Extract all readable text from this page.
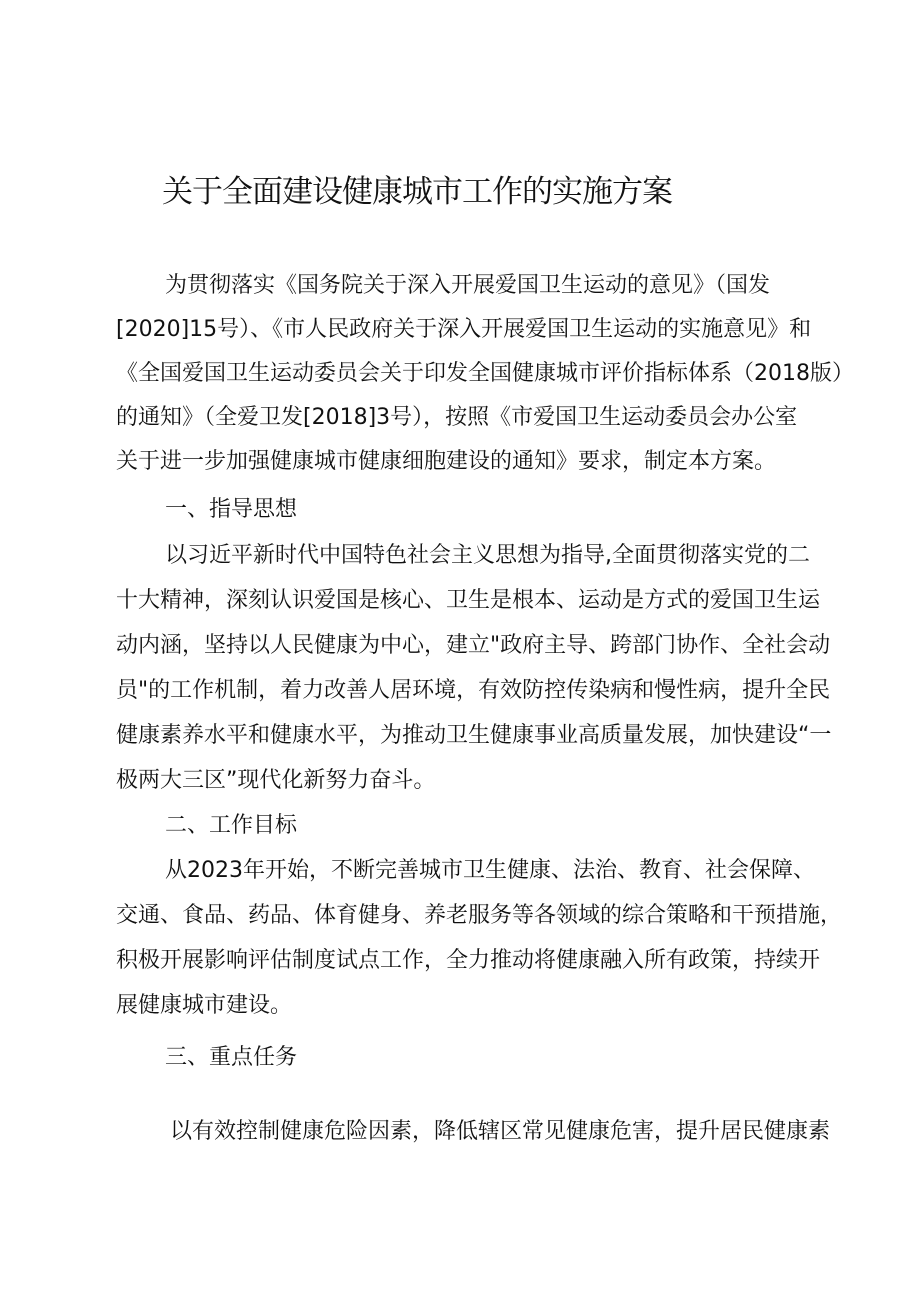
关于全面建设健康城市工作的实施方案

为贯彻落实《国务院关于深入开展爱国卫生运动的意见》（国发

[2020]15号）、《市人民政府关于深入开展爱国卫生运动的实施意见》和

《全国爱国卫生运动委员会关于印发全国健康城市评价指标体系（2018版）

的通知》（全爱卫发[2018]3号），按照《市爱国卫生运动委员会办公室

关于进一步加强健康城市健康细胞建设的通知》要求，制定本方案。

一、指导思想

以习近平新时代中国特色社会主义思想为指导,全面贯彻落实党的二

十大精神，深刻认识爱国是核心、卫生是根本、运动是方式的爱国卫生运

动内涵，坚持以人民健康为中心，建立"政府主导、跨部门协作、全社会动

员"的工作机制，着力改善人居环境，有效防控传染病和慢性病，提升全民

健康素养水平和健康水平，为推动卫生健康事业高质量发展，加快建设“一

极两大三区”现代化新努力奋斗。

二、工作目标

从2023年开始，不断完善城市卫生健康、法治、教育、社会保障、

交通、食品、药品、体育健身、养老服务等各领域的综合策略和干预措施，

积极开展影响评估制度试点工作，全力推动将健康融入所有政策，持续开

展健康城市建设。

三、重点任务

以有效控制健康危险因素，降低辖区常见健康危害，提升居民健康素
